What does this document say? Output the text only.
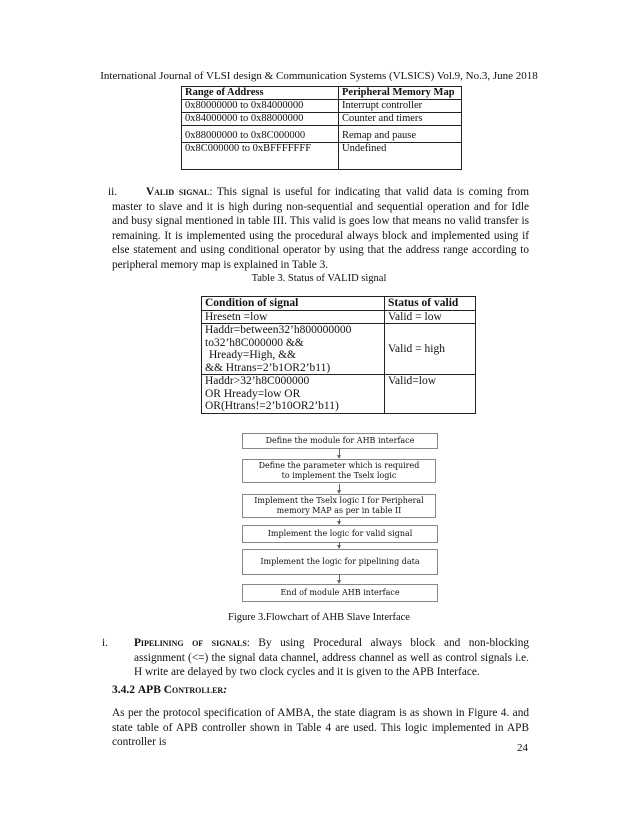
International Journal of VLSI design & Communication Systems (VLSICS) Vol.9, No.3, June 2018
Range of Address	Peripheral Memory Map
0x80000000 to 0x84000000	Interrupt controller
0x84000000 to 0x88000000	Counter and timers
0x88000000 to 0x8C000000	Remap and pause
0x8C000000 to 0xBFFFFFFF	Undefined
ii.	Valid signal: This signal is useful for indicating that valid data is coming from master to slave and it is high during non-sequential and sequential operation and for Idle and busy signal mentioned in table III. This valid is goes low that means no valid transfer is remaining. It is implemented using the procedural always block and implemented using if else statement and using conditional operator by using that the address range according to peripheral memory map is explained in Table 3.
Table 3. Status of VALID signal
Condition of signal	Status of valid

Hresetn =low	Valid = low

Haddr=between32’h800000000
to32’h8C000000 &&
Hready=High, &&
&& Htrans=2’b1OR2’b11)	Valid = high

Haddr>32’h8C000000
OR Hready=low OR
OR(Htrans!=2’b10OR2’b11)	Valid=low
Define the module for AHB interface
Define the parameter which is required to implement the Tselx logic
Implement the Tselx logic I for Peripheral memory MAP as per in table II
Implement the logic for valid signal
Implement the logic for pipelining data
End of module AHB interface
Figure 3.Flowchart of AHB Slave Interface
i.	Pipelining of signals: By using Procedural always block and non-blocking assignment (<=) the signal data channel, address channel as well as control signals i.e. H write are delayed by two clock cycles and it is given to the APB Interface.
3.4.2 APB Controller:
As per the protocol specification of AMBA, the state diagram is as shown in Figure 4. and state table of APB controller shown in Table 4 are used. This logic implemented in APB controller is	24
